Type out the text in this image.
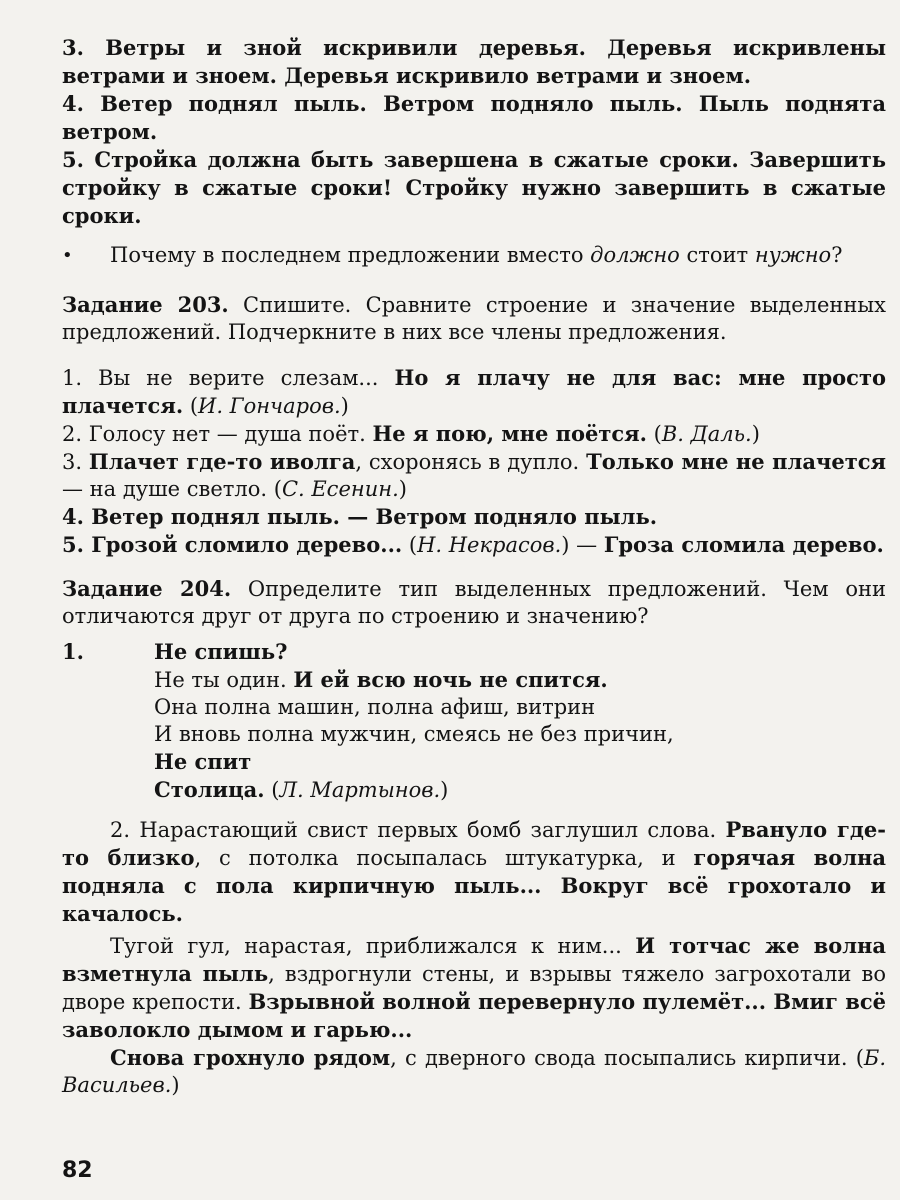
3. Ветры и зной искривили деревья. Деревья искривлены ветрами и зноем. Деревья искривило ветрами и зноем.

4. Ветер поднял пыль. Ветром подняло пыль. Пыль поднята ветром.

5. Стройка должна быть завершена в сжатые сроки. Завершить стройку в сжатые сроки! Стройку нужно завершить в сжатые сроки.

•	Почему в последнем предложении вместо должно стоит нужно?

Задание 203. Спишите. Сравните строение и значение выделенных предложений. Подчеркните в них все члены предложения.

1. Вы не верите слезам... Но я плачу не для вас: мне просто плачется. (И. Гончаров.)

2. Голосу нет — душа поёт. Не я пою, мне поётся. (В. Даль.)

3. Плачет где-то иволга, схоронясь в дупло. Только мне не плачется — на душе светло. (С. Есенин.)

4. Ветер поднял пыль. — Ветром подняло пыль.

5. Грозой сломило дерево... (Н. Некрасов.) — Гроза сломила дерево.

Задание 204. Определите тип выделенных предложений. Чем они отличаются друг от друга по строению и значению?

1.	Не спишь?
Не ты один. И ей всю ночь не спится.
Она полна машин, полна афиш, витрин
И вновь полна мужчин, смеясь не без причин,
Не спит
Столица. (Л. Мартынов.)

2. Нарастающий свист первых бомб заглушил слова. Рвануло где-то близко, с потолка посыпалась штукатурка, и горячая волна подняла с пола кирпичную пыль... Вокруг всё грохотало и качалось.

Тугой гул, нарастая, приближался к ним... И тотчас же волна взметнула пыль, вздрогнули стены, и взрывы тяжело загрохотали во дворе крепости. Взрывной волной перевернуло пулемёт... Вмиг всё заволокло дымом и гарью...

Снова грохнуло рядом, с дверного свода посыпались кирпичи. (Б. Васильев.)

82
